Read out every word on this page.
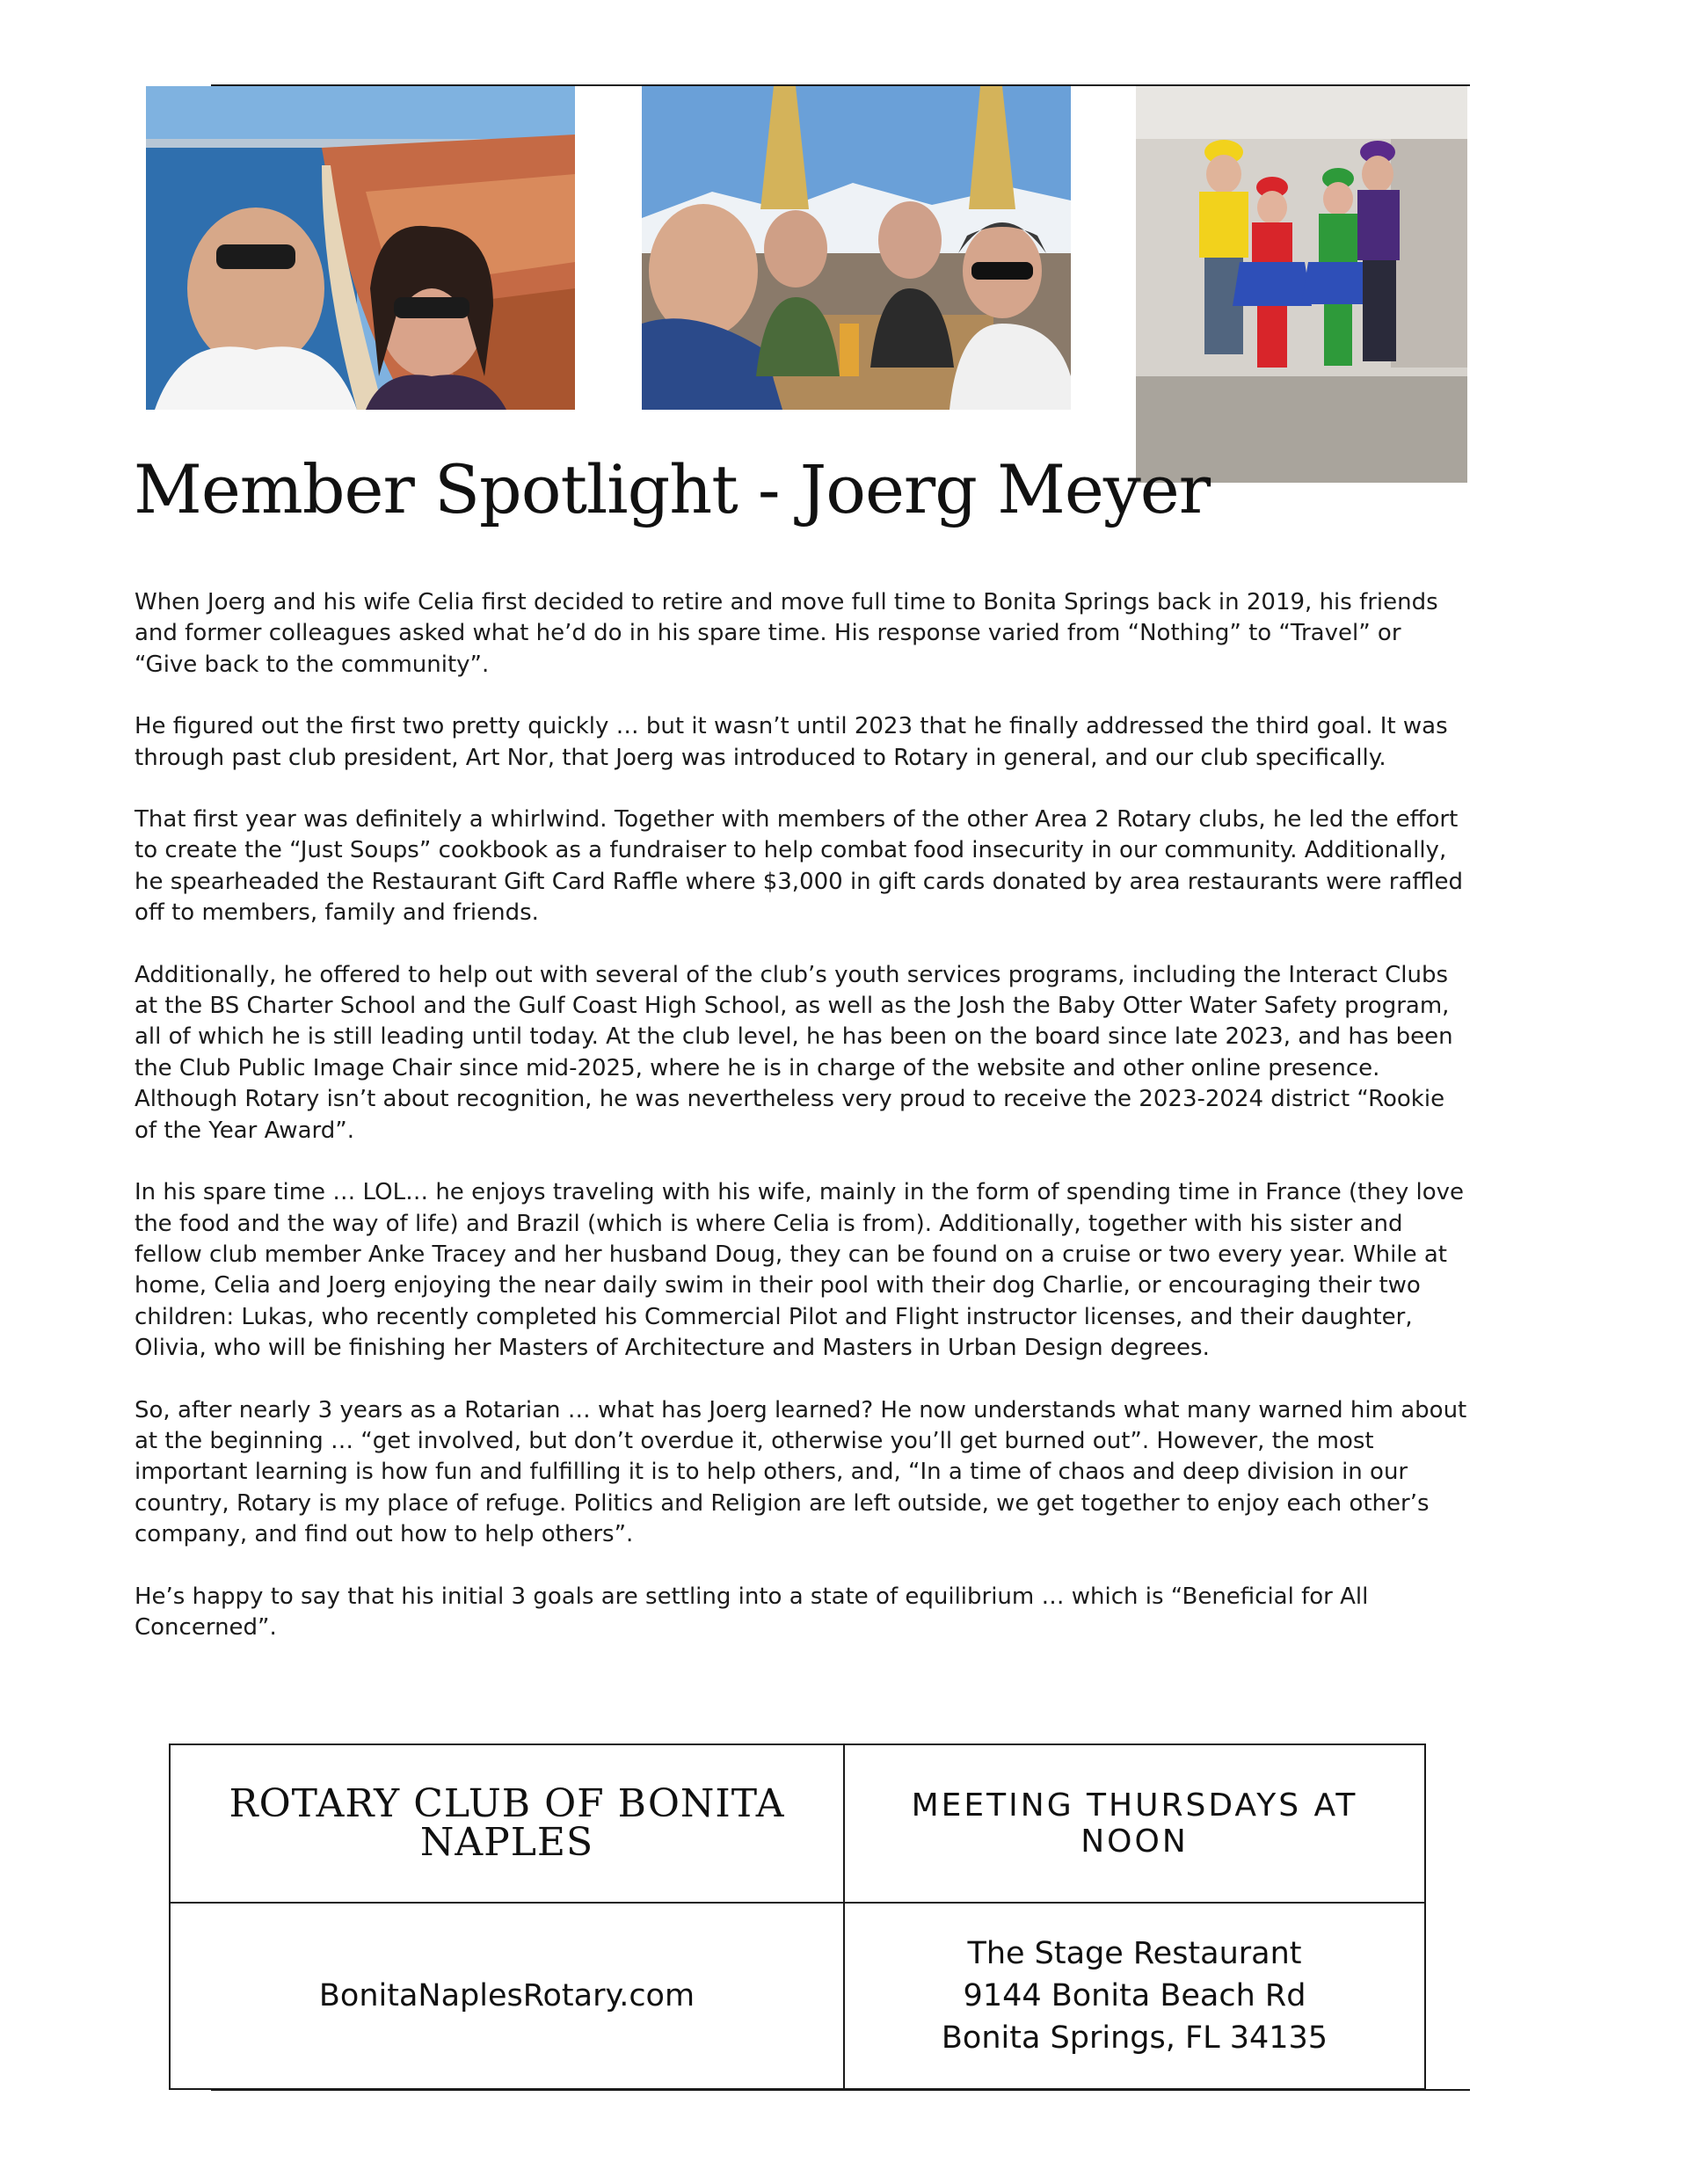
Member Spotlight - Joerg Meyer

When Joerg and his wife Celia first decided to retire and move full time to Bonita Springs back in 2019, his friends and former colleagues asked what he’d do in his spare time. His response varied from “Nothing” to “Travel” or “Give back to the community”.

He figured out the first two pretty quickly … but it wasn’t until 2023 that he finally addressed the third goal. It was through past club president, Art Nor, that Joerg was introduced to Rotary in general, and our club specifically.

That first year was definitely a whirlwind. Together with members of the other Area 2 Rotary clubs, he led the effort to create the “Just Soups” cookbook as a fundraiser to help combat food insecurity in our community. Additionally, he spearheaded the Restaurant Gift Card Raffle where $3,000 in gift cards donated by area restaurants were raffled off to members, family and friends.

Additionally, he offered to help out with several of the club’s youth services programs, including the Interact Clubs at the BS Charter School and the Gulf Coast High School, as well as the Josh the Baby Otter Water Safety program, all of which he is still leading until today. At the club level, he has been on the board since late 2023, and has been the Club Public Image Chair since mid-2025, where he is in charge of the website and other online presence. Although Rotary isn’t about recognition, he was nevertheless very proud to receive the 2023-2024 district “Rookie of the Year Award”.

In his spare time … LOL… he enjoys traveling with his wife, mainly in the form of spending time in France (they love the food and the way of life) and Brazil (which is where Celia is from). Additionally, together with his sister and fellow club member Anke Tracey and her husband Doug, they can be found on a cruise or two every year. While at home, Celia and Joerg enjoying the near daily swim in their pool with their dog Charlie, or encouraging their two children: Lukas, who recently completed his Commercial Pilot and Flight instructor licenses, and their daughter, Olivia, who will be finishing her Masters of Architecture and Masters in Urban Design degrees.

So, after nearly 3 years as a Rotarian … what has Joerg learned? He now understands what many warned him about at the beginning … “get involved, but don’t overdue it, otherwise you’ll get burned out”. However, the most important learning is how fun and fulfilling it is to help others, and, “In a time of chaos and deep division in our country, Rotary is my place of refuge. Politics and Religion are left outside, we get together to enjoy each other’s company, and find out how to help others”.

He’s happy to say that his initial 3 goals are settling into a state of equilibrium … which is “Beneficial for All Concerned”.

ROTARY CLUB OF BONITA NAPLES	MEETING THURSDAYS AT NOON

BonitaNaplesRotary.com	The Stage Restaurant
9144 Bonita Beach Rd
Bonita Springs, FL 34135
